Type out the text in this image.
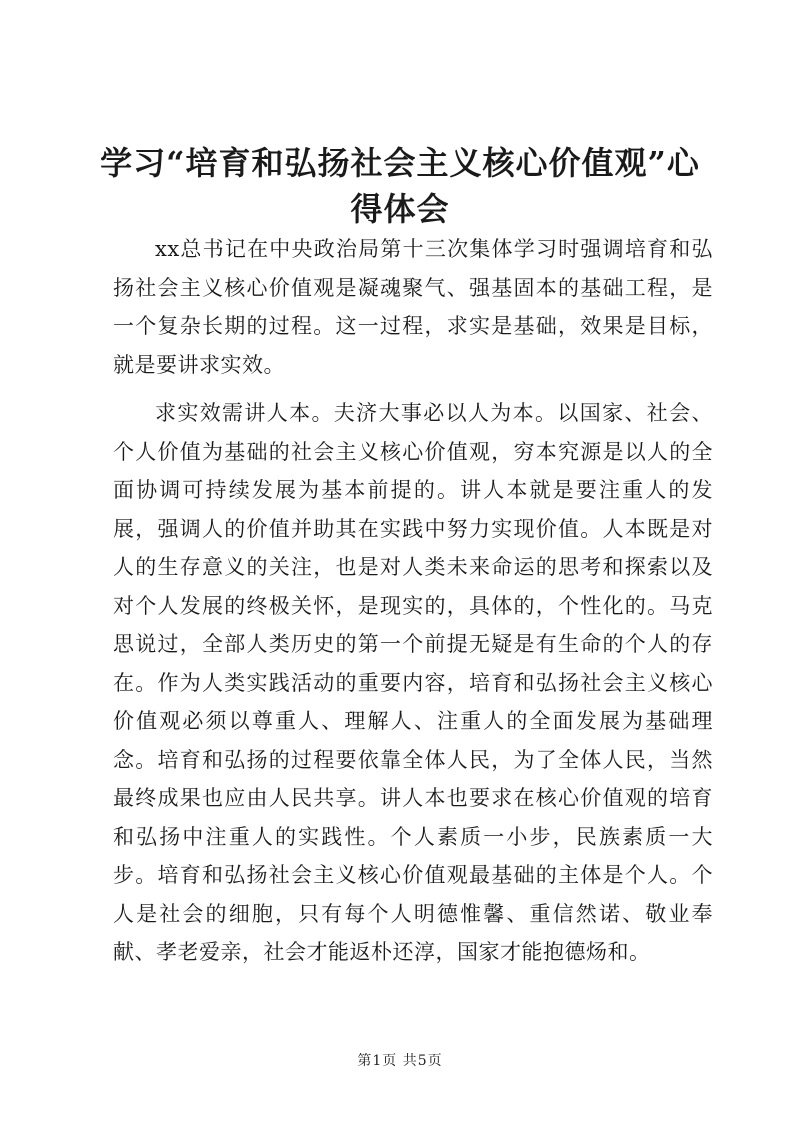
学习“培育和弘扬社会主义核心价值观”心得体会

xx总书记在中央政治局第十三次集体学习时强调培育和弘扬社会主义核心价值观是凝魂聚气、强基固本的基础工程，是一个复杂长期的过程。这一过程，求实是基础，效果是目标，就是要讲求实效。

求实效需讲人本。夫济大事必以人为本。以国家、社会、个人价值为基础的社会主义核心价值观，穷本究源是以人的全面协调可持续发展为基本前提的。讲人本就是要注重人的发展，强调人的价值并助其在实践中努力实现价值。人本既是对人的生存意义的关注，也是对人类未来命运的思考和探索以及对个人发展的终极关怀，是现实的，具体的，个性化的。马克思说过，全部人类历史的第一个前提无疑是有生命的个人的存在。作为人类实践活动的重要内容，培育和弘扬社会主义核心价值观必须以尊重人、理解人、注重人的全面发展为基础理念。培育和弘扬的过程要依靠全体人民，为了全体人民，当然最终成果也应由人民共享。讲人本也要求在核心价值观的培育和弘扬中注重人的实践性。个人素质一小步，民族素质一大步。培育和弘扬社会主义核心价值观最基础的主体是个人。个人是社会的细胞，只有每个人明德惟馨、重信然诺、敬业奉献、孝老爱亲，社会才能返朴还淳，国家才能抱德炀和。

第1页 共5页
